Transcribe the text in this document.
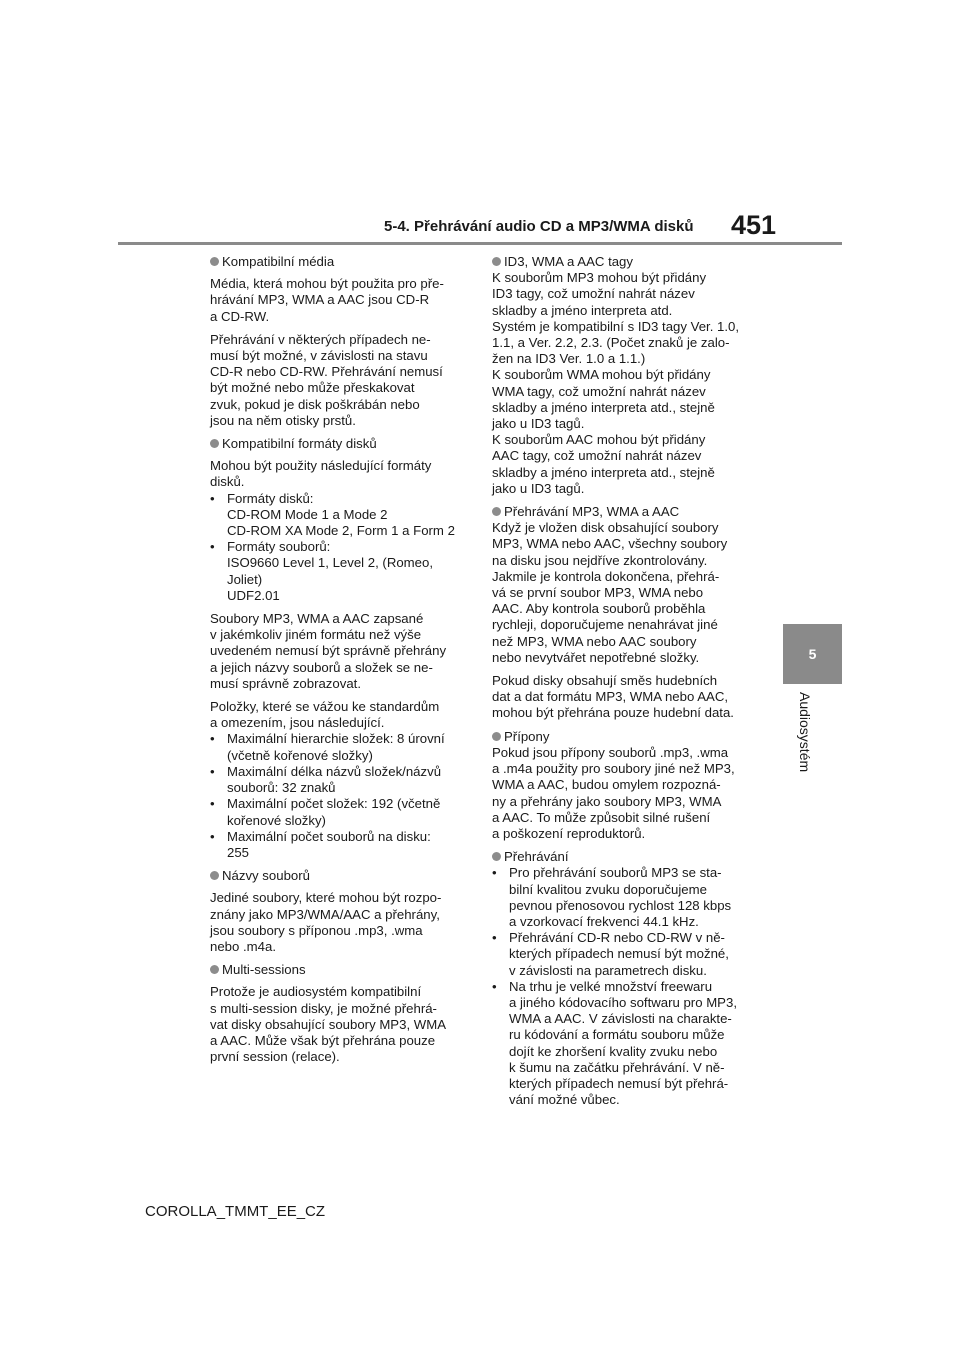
5-4. Přehrávání audio CD a MP3/WMA disků 451
5
Audiosystém
Kompatibilní média
Média, která mohou být použita pro pře-
hrávání MP3, WMA a AAC jsou CD-R
a CD-RW.
Přehrávání v některých případech ne-
musí být možné, v závislosti na stavu
CD-R nebo CD-RW. Přehrávání nemusí
být možné nebo může přeskakovat
zvuk, pokud je disk poškrábán nebo
jsou na něm otisky prstů.
Kompatibilní formáty disků
Mohou být použity následující formáty
disků.
• Formáty disků:
CD-ROM Mode 1 a Mode 2
CD-ROM XA Mode 2, Form 1 a Form 2
• Formáty souborů:
ISO9660 Level 1, Level 2, (Romeo,
Joliet)
UDF2.01
Soubory MP3, WMA a AAC zapsané
v jakémkoliv jiném formátu než výše
uvedeném nemusí být správně přehrány
a jejich názvy souborů a složek se ne-
musí správně zobrazovat.
Položky, které se vážou ke standardům
a omezením, jsou následující.
• Maximální hierarchie složek: 8 úrovní
(včetně kořenové složky)
• Maximální délka názvů složek/názvů
souborů: 32 znaků
• Maximální počet složek: 192 (včetně
kořenové složky)
• Maximální počet souborů na disku:
255
Názvy souborů
Jediné soubory, které mohou být rozpo-
znány jako MP3/WMA/AAC a přehrány,
jsou soubory s příponou .mp3, .wma
nebo .m4a.
Multi-sessions
Protože je audiosystém kompatibilní
s multi-session disky, je možné přehrá-
vat disky obsahující soubory MP3, WMA
a AAC. Může však být přehrána pouze
první session (relace).
ID3, WMA a AAC tagy
K souborům MP3 mohou být přidány
ID3 tagy, což umožní nahrát název
skladby a jméno interpreta atd.
Systém je kompatibilní s ID3 tagy Ver. 1.0,
1.1, a Ver. 2.2, 2.3. (Počet znaků je zalo-
žen na ID3 Ver. 1.0 a 1.1.)
K souborům WMA mohou být přidány
WMA tagy, což umožní nahrát název
skladby a jméno interpreta atd., stejně
jako u ID3 tagů.
K souborům AAC mohou být přidány
AAC tagy, což umožní nahrát název
skladby a jméno interpreta atd., stejně
jako u ID3 tagů.
Přehrávání MP3, WMA a AAC
Když je vložen disk obsahující soubory
MP3, WMA nebo AAC, všechny soubory
na disku jsou nejdříve zkontrolovány.
Jakmile je kontrola dokončena, přehrá-
vá se první soubor MP3, WMA nebo
AAC. Aby kontrola souborů proběhla
rychleji, doporučujeme nenahrávat jiné
než MP3, WMA nebo AAC soubory
nebo nevytvářet nepotřebné složky.
Pokud disky obsahují směs hudebních
dat a dat formátu MP3, WMA nebo AAC,
mohou být přehrána pouze hudební data.
Přípony
Pokud jsou přípony souborů .mp3, .wma
a .m4a použity pro soubory jiné než MP3,
WMA a AAC, budou omylem rozpozná-
ny a přehrány jako soubory MP3, WMA
a AAC. To může způsobit silné rušení
a poškození reproduktorů.
Přehrávání
• Pro přehrávání souborů MP3 se sta-
bilní kvalitou zvuku doporučujeme
pevnou přenosovou rychlost 128 kbps
a vzorkovací frekvenci 44.1 kHz.
• Přehrávání CD-R nebo CD-RW v ně-
kterých případech nemusí být možné,
v závislosti na parametrech disku.
• Na trhu je velké množství freewaru
a jiného kódovacího softwaru pro MP3,
WMA a AAC. V závislosti na charakte-
ru kódování a formátu souboru může
dojít ke zhoršení kvality zvuku nebo
k šumu na začátku přehrávání. V ně-
kterých případech nemusí být přehrá-
vání možné vůbec.
COROLLA_TMMT_EE_CZ
